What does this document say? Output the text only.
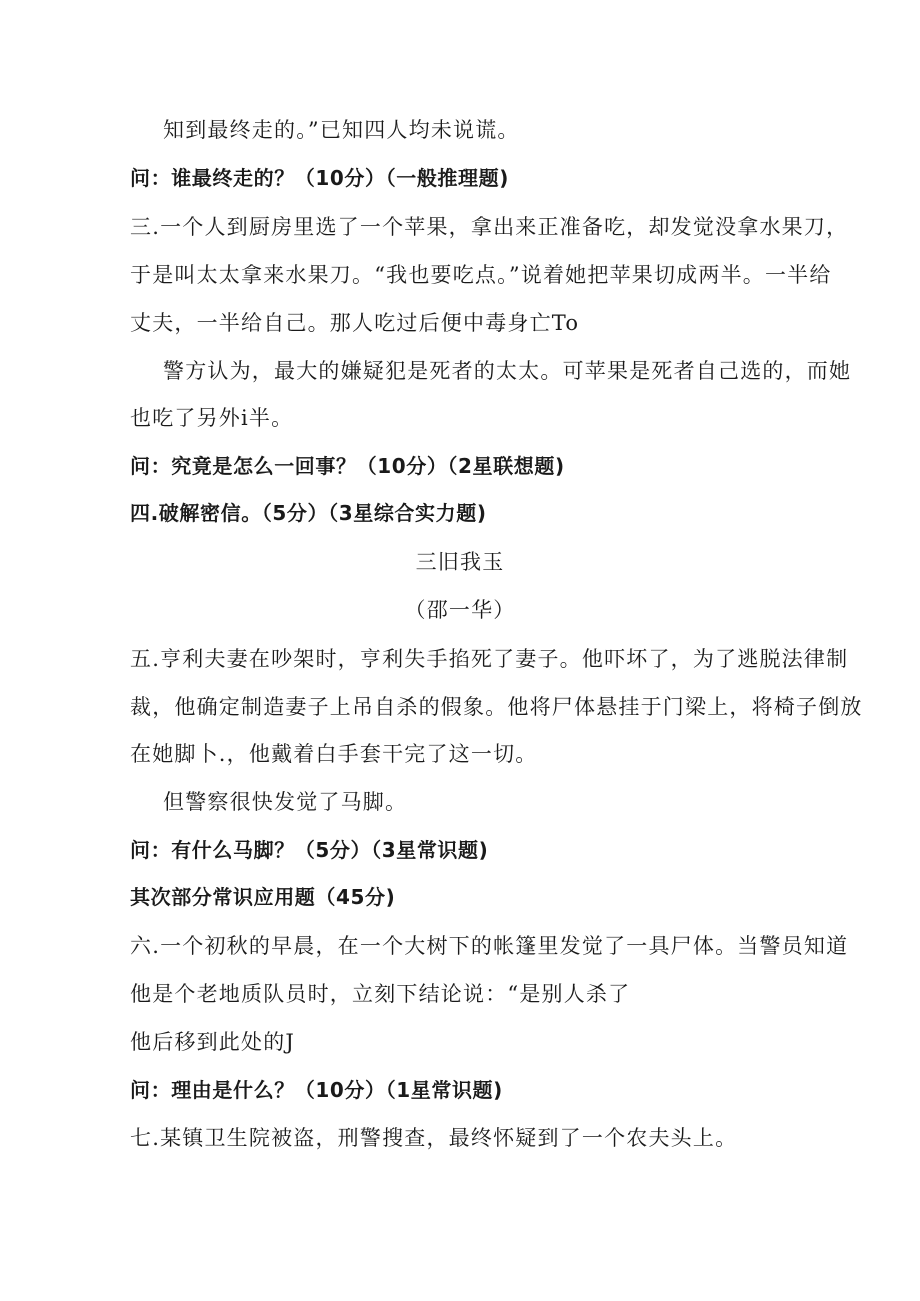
知到最终走的。”已知四人均未说谎。
问：谁最终走的？（10分）（一般推理题)
三.一个人到厨房里选了一个苹果，拿出来正准备吃，却发觉没拿水果刀，
于是叫太太拿来水果刀。“我也要吃点。”说着她把苹果切成两半。一半给
丈夫，一半给自己。那人吃过后便中毒身亡To
警方认为，最大的嫌疑犯是死者的太太。可苹果是死者自己选的，而她
也吃了另外i半。
问：究竟是怎么一回事？（10分）（2星联想题)
四.破解密信。（5分）（3星综合实力题)
三旧我玉
（邵一华）
五.亨利夫妻在吵架时，亨利失手掐死了妻子。他吓坏了，为了逃脱法律制
裁，他确定制造妻子上吊自杀的假象。他将尸体悬挂于门梁上，将椅子倒放
在她脚卜.，他戴着白手套干完了这一切。
但警察很快发觉了马脚。
问：有什么马脚？（5分）（3星常识题)
其次部分常识应用题（45分)
六.一个初秋的早晨，在一个大树下的帐篷里发觉了一具尸体。当警员知道
他是个老地质队员时，立刻下结论说：“是别人杀了
他后移到此处的J
问：理由是什么？（10分）（1星常识题)
七.某镇卫生院被盗，刑警搜查，最终怀疑到了一个农夫头上。
